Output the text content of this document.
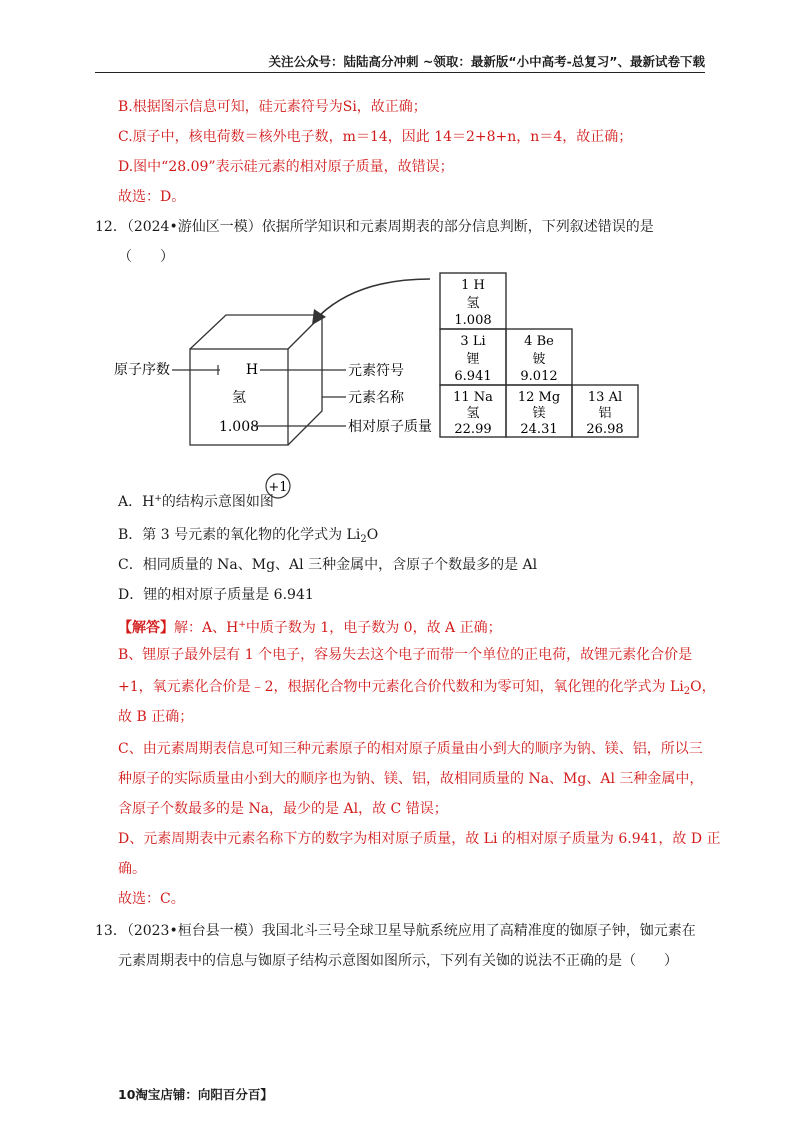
关注公众号：陆陆高分冲刺 ~领取：最新版“小中高考-总复习”、最新试卷下载
B.根据图示信息可知，硅元素符号为Si，故正确；
C.原子中，核电荷数＝核外电子数，m＝14，因此 14＝2+8+n，n＝4，故正确；
D.图中“28.09”表示硅元素的相对原子质量，故错误；
故选：D。
12．（2024•游仙区一模）依据所学知识和元素周期表的部分信息判断，下列叙述错误的是
（　　）
H
氢
1.008
原子序数	元素符号
元素名称
相对原子质量
1 H
氢
1.008
3 Li
锂
6.941
4 Be
铍
9.012
11 Na
氢
22.99
12 Mg
镁
24.31
13 Al
铝
26.98
A．H+的结构示意图如图
+1
B．第 3 号元素的氧化物的化学式为 $Li_2O$
C．相同质量的 Na、Mg、Al 三种金属中，含原子个数最多的是 Al
D．锂的相对原子质量是 6.941
【解答】解：A、H+中质子数为 1，电子数为 0，故 A 正确；
B、锂原子最外层有 1 个电子，容易失去这个电子而带一个单位的正电荷，故锂元素化合价是
+1，氧元素化合价是﹣2，根据化合物中元素化合价代数和为零可知，氧化锂的化学式为 $Li_2O$，
故 B 正确；
C、由元素周期表信息可知三种元素原子的相对原子质量由小到大的顺序为钠、镁、铝，所以三
种原子的实际质量由小到大的顺序也为钠、镁、铝，故相同质量的 Na、Mg、Al 三种金属中，
含原子个数最多的是 Na，最少的是 Al，故 C 错误；
D、元素周期表中元素名称下方的数字为相对原子质量，故 Li 的相对原子质量为 6.941，故 D 正
确。
故选：C。
13．（2023•桓台县一模）我国北斗三号全球卫星导航系统应用了高精准度的铷原子钟，铷元素在
元素周期表中的信息与铷原子结构示意图如图所示，下列有关铷的说法不正确的是（　　）
10淘宝店铺：向阳百分百】
